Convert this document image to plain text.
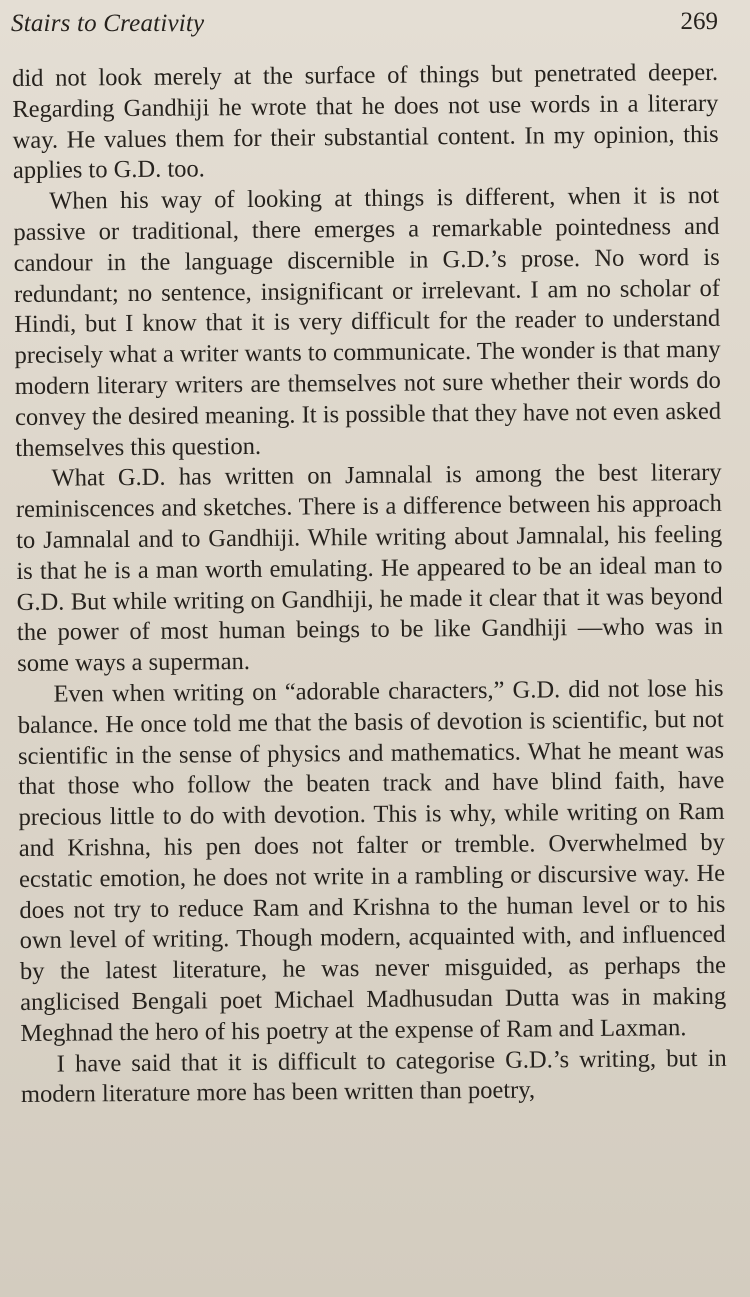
Stairs to Creativity	269

did not look merely at the surface of things but penetrated deeper. Regarding Gandhiji he wrote that he does not use words in a literary way. He values them for their substantial content. In my opinion, this applies to G.D. too.

When his way of looking at things is different, when it is not passive or traditional, there emerges a remarkable pointedness and candour in the language discernible in G.D.’s prose. No word is redundant; no sentence, insignificant or irrelevant. I am no scholar of Hindi, but I know that it is very difficult for the reader to understand precisely what a writer wants to communicate. The wonder is that many modern literary writers are themselves not sure whether their words do convey the desired meaning. It is possible that they have not even asked themselves this question.

What G.D. has written on Jamnalal is among the best literary reminiscences and sketches. There is a difference between his approach to Jamnalal and to Gandhiji. While writing about Jamnalal, his feeling is that he is a man worth emulating. He appeared to be an ideal man to G.D. But while writing on Gandhiji, he made it clear that it was beyond the power of most human beings to be like Gandhiji —who was in some ways a superman.

Even when writing on “adorable characters,” G.D. did not lose his balance. He once told me that the basis of devotion is scientific, but not scientific in the sense of physics and mathematics. What he meant was that those who follow the beaten track and have blind faith, have precious little to do with devotion. This is why, while writing on Ram and Krishna, his pen does not falter or tremble. Overwhelmed by ecstatic emotion, he does not write in a rambling or discursive way. He does not try to reduce Ram and Krishna to the human level or to his own level of writing. Though modern, acquainted with, and influenced by the latest literature, he was never misguided, as perhaps the anglicised Bengali poet Michael Madhusudan Dutta was in making Meghnad the hero of his poetry at the expense of Ram and Laxman.

I have said that it is difficult to categorise G.D.’s writing, but in modern literature more has been written than poetry,
